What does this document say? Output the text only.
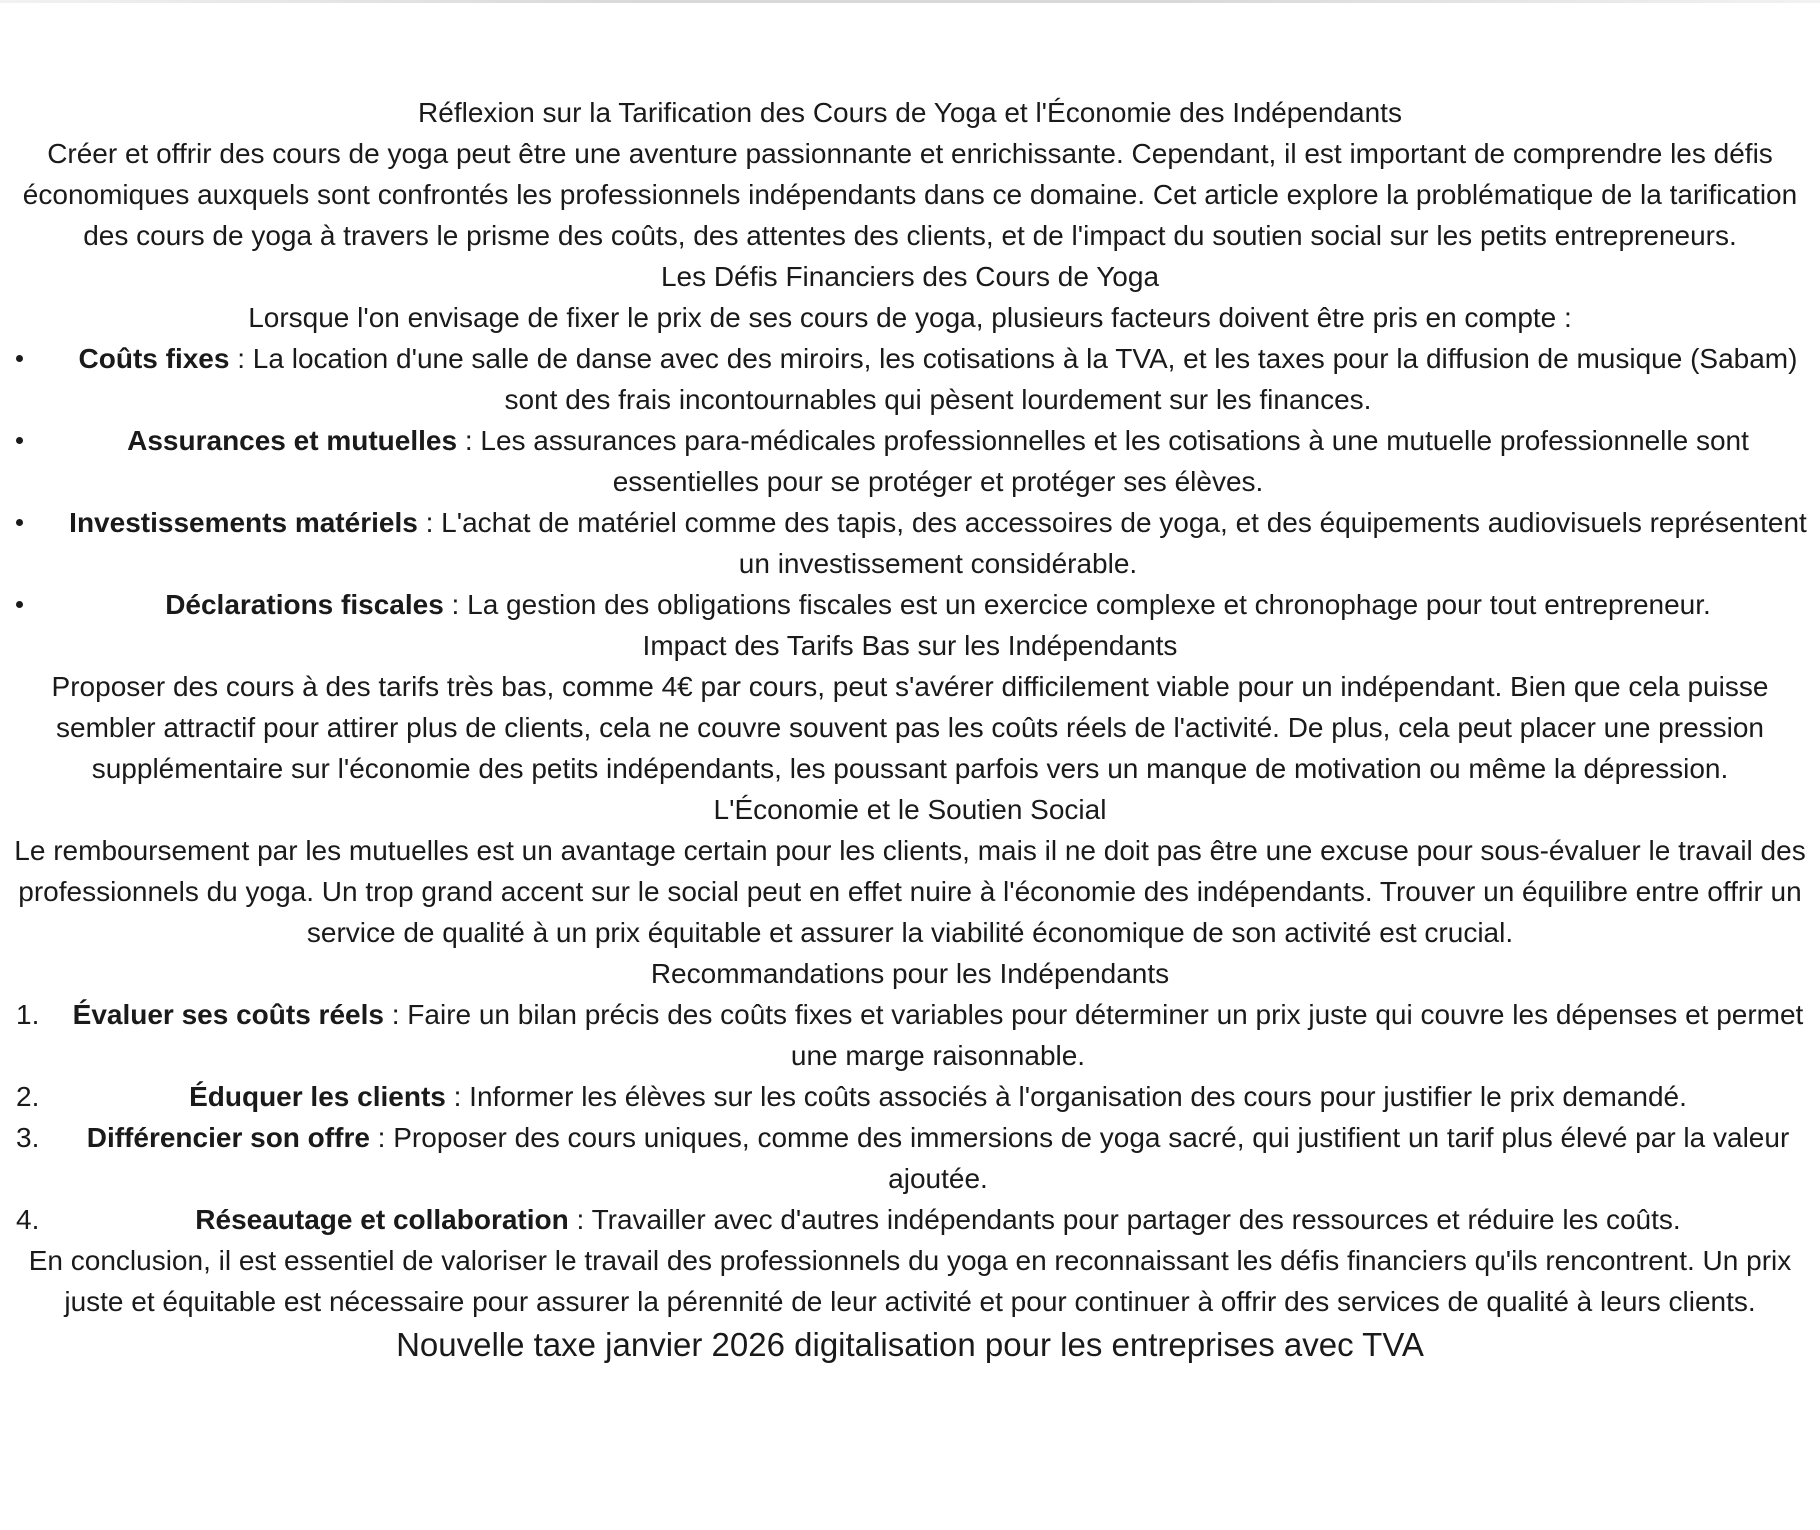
Réflexion sur la Tarification des Cours de Yoga et l'Économie des Indépendants

Créer et offrir des cours de yoga peut être une aventure passionnante et enrichissante. Cependant, il est important de comprendre les défis économiques auxquels sont confrontés les professionnels indépendants dans ce domaine. Cet article explore la problématique de la tarification des cours de yoga à travers le prisme des coûts, des attentes des clients, et de l'impact du soutien social sur les petits entrepreneurs.

Les Défis Financiers des Cours de Yoga

Lorsque l'on envisage de fixer le prix de ses cours de yoga, plusieurs facteurs doivent être pris en compte :

Coûts fixes : La location d'une salle de danse avec des miroirs, les cotisations à la TVA, et les taxes pour la diffusion de musique (Sabam) sont des frais incontournables qui pèsent lourdement sur les finances.
Assurances et mutuelles : Les assurances para-médicales professionnelles et les cotisations à une mutuelle professionnelle sont essentielles pour se protéger et protéger ses élèves.
Investissements matériels : L'achat de matériel comme des tapis, des accessoires de yoga, et des équipements audiovisuels représentent un investissement considérable.
Déclarations fiscales : La gestion des obligations fiscales est un exercice complexe et chronophage pour tout entrepreneur.
Impact des Tarifs Bas sur les Indépendants

Proposer des cours à des tarifs très bas, comme 4€ par cours, peut s'avérer difficilement viable pour un indépendant. Bien que cela puisse sembler attractif pour attirer plus de clients, cela ne couvre souvent pas les coûts réels de l'activité. De plus, cela peut placer une pression supplémentaire sur l'économie des petits indépendants, les poussant parfois vers un manque de motivation ou même la dépression.

L'Économie et le Soutien Social

Le remboursement par les mutuelles est un avantage certain pour les clients, mais il ne doit pas être une excuse pour sous-évaluer le travail des professionnels du yoga. Un trop grand accent sur le social peut en effet nuire à l'économie des indépendants. Trouver un équilibre entre offrir un service de qualité à un prix équitable et assurer la viabilité économique de son activité est crucial.

Recommandations pour les Indépendants
1.	Évaluer ses coûts réels : Faire un bilan précis des coûts fixes et variables pour déterminer un prix juste qui couvre les dépenses et permet une marge raisonnable.
2.	Éduquer les clients : Informer les élèves sur les coûts associés à l'organisation des cours pour justifier le prix demandé.
3.	Différencier son offre : Proposer des cours uniques, comme des immersions de yoga sacré, qui justifient un tarif plus élevé par la valeur ajoutée.
4.	Réseautage et collaboration : Travailler avec d'autres indépendants pour partager des ressources et réduire les coûts.

En conclusion, il est essentiel de valoriser le travail des professionnels du yoga en reconnaissant les défis financiers qu'ils rencontrent. Un prix juste et équitable est nécessaire pour assurer la pérennité de leur activité et pour continuer à offrir des services de qualité à leurs clients.

Nouvelle taxe janvier 2026 digitalisation pour les entreprises avec TVA
